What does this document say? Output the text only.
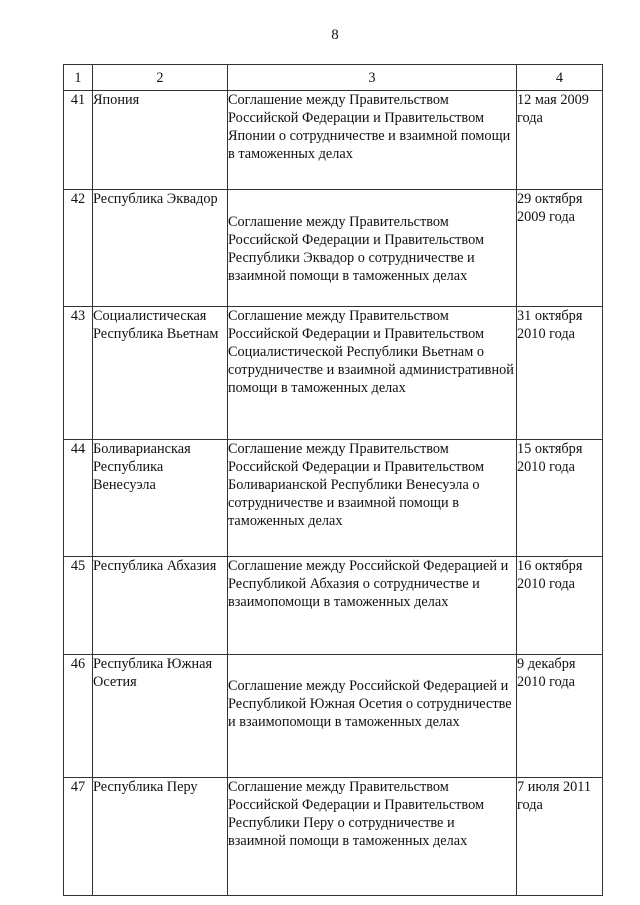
8
1	2	3	4
41	Япония	Соглашение между Правительством Российской Федерации и Правительством Японии о сотрудничестве и взаимной помощи в таможенных делах	12 мая 2009 года
42	Республика Эквадор	Соглашение между Правительством Российской Федерации и Правительством Республики Эквадор о сотрудничестве и взаимной помощи в таможенных делах	29 октября 2009 года
43	Социалистическая Республика Вьетнам	Соглашение между Правительством Российской Федерации и Правительством Социалистической Республики Вьетнам о сотрудничестве и взаимной административной помощи в таможенных делах	31 октября 2010 года
44	Боливарианская Республика Венесуэла	Соглашение между Правительством Российской Федерации и Правительством Боливарианской Республики Венесуэла о сотрудничестве и взаимной помощи в таможенных делах	15 октября 2010 года
45	Республика Абхазия	Соглашение между Российской Федерацией и Республикой Абхазия о сотрудничестве и взаимопомощи в таможенных делах	16 октября 2010 года
46	Республика Южная Осетия	Соглашение между Российской Федерацией и Республикой Южная Осетия о сотрудничестве и взаимопомощи в таможенных делах	9 декабря 2010 года
47	Республика Перу	Соглашение между Правительством Российской Федерации и Правительством Республики Перу о сотрудничестве и взаимной помощи в таможенных делах	7 июля 2011 года
